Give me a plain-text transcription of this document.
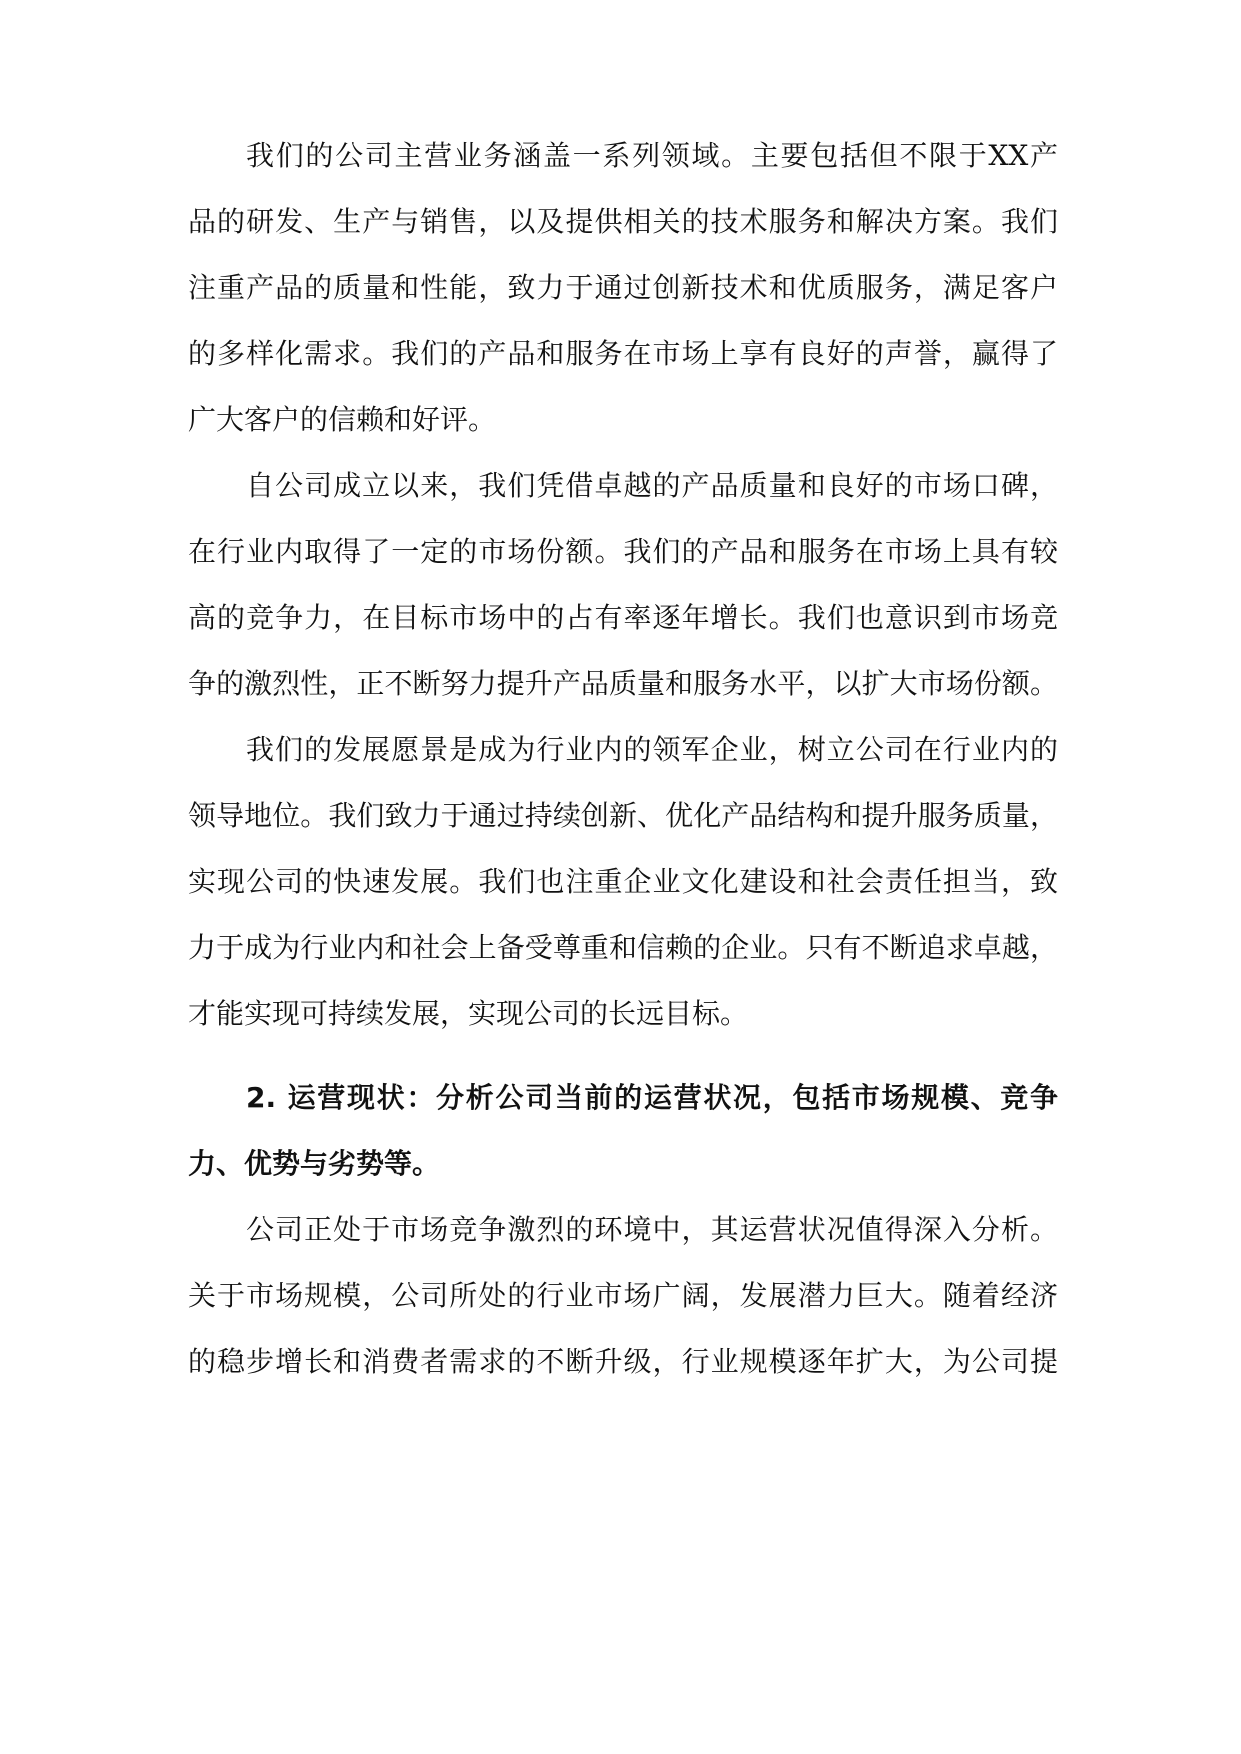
我们的公司主营业务涵盖一系列领域。主要包括但不限于XX产
品的研发、生产与销售，以及提供相关的技术服务和解决方案。我们
注重产品的质量和性能，致力于通过创新技术和优质服务，满足客户
的多样化需求。我们的产品和服务在市场上享有良好的声誉，赢得了
广大客户的信赖和好评。
自公司成立以来，我们凭借卓越的产品质量和良好的市场口碑，
在行业内取得了一定的市场份额。我们的产品和服务在市场上具有较
高的竞争力，在目标市场中的占有率逐年增长。我们也意识到市场竞
争的激烈性，正不断努力提升产品质量和服务水平，以扩大市场份额。
我们的发展愿景是成为行业内的领军企业，树立公司在行业内的
领导地位。我们致力于通过持续创新、优化产品结构和提升服务质量，
实现公司的快速发展。我们也注重企业文化建设和社会责任担当，致
力于成为行业内和社会上备受尊重和信赖的企业。只有不断追求卓越，
才能实现可持续发展，实现公司的长远目标。
2. 运营现状：分析公司当前的运营状况，包括市场规模、竞争
力、优势与劣势等。
公司正处于市场竞争激烈的环境中，其运营状况值得深入分析。
关于市场规模，公司所处的行业市场广阔，发展潜力巨大。随着经济
的稳步增长和消费者需求的不断升级，行业规模逐年扩大，为公司提
